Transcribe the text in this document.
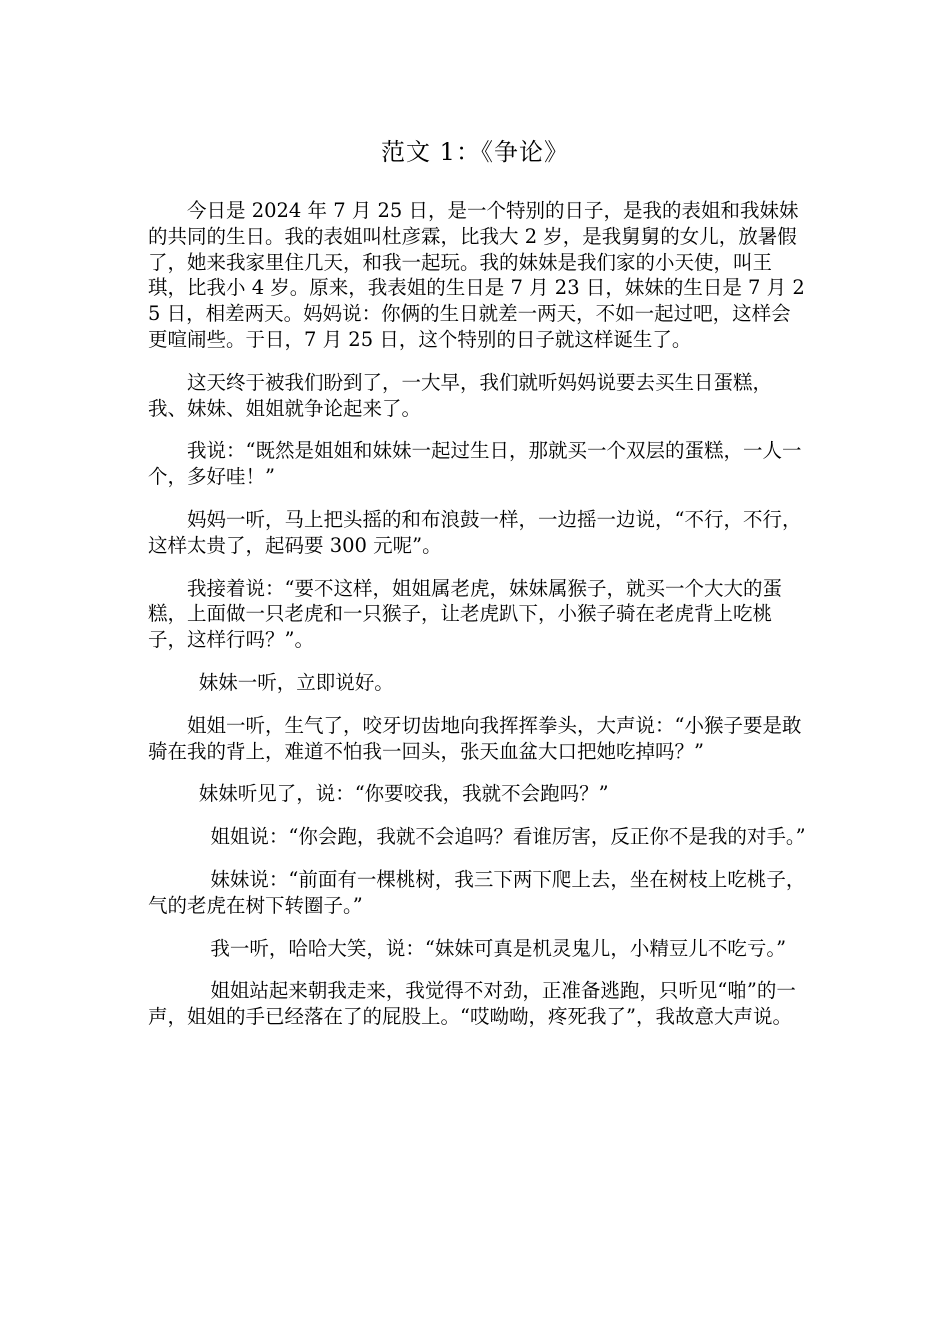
范文 1：《争论》

今日是 2024 年 7 月 25 日，是一个特别的日子，是我的表姐和我妹妹的共同的生日。我的表姐叫杜彦霖，比我大 2 岁，是我舅舅的女儿，放暑假了，她来我家里住几天，和我一起玩。我的妹妹是我们家的小天使，叫王琪，比我小 4 岁。原来，我表姐的生日是 7 月 23 日，妹妹的生日是 7 月 25 日，相差两天。妈妈说：你俩的生日就差一两天，不如一起过吧，这样会更喧闹些。于日，7 月 25 日，这个特别的日子就这样诞生了。

这天终于被我们盼到了，一大早，我们就听妈妈说要去买生日蛋糕，我、妹妹、姐姐就争论起来了。

我说：“既然是姐姐和妹妹一起过生日，那就买一个双层的蛋糕，一人一个，多好哇！”

妈妈一听，马上把头摇的和布浪鼓一样，一边摇一边说，“不行，不行，这样太贵了，起码要 300 元呢”。

我接着说：“要不这样，姐姐属老虎，妹妹属猴子，就买一个大大的蛋糕，上面做一只老虎和一只猴子，让老虎趴下，小猴子骑在老虎背上吃桃子，这样行吗？”。

妹妹一听，立即说好。

姐姐一听，生气了，咬牙切齿地向我挥挥拳头，大声说：“小猴子要是敢骑在我的背上，难道不怕我一回头，张天血盆大口把她吃掉吗？”

妹妹听见了，说：“你要咬我，我就不会跑吗？”

姐姐说：“你会跑，我就不会追吗？看谁厉害，反正你不是我的对手。”

妹妹说：“前面有一棵桃树，我三下两下爬上去，坐在树枝上吃桃子，气的老虎在树下转圈子。”

我一听，哈哈大笑，说：“妹妹可真是机灵鬼儿，小精豆儿不吃亏。”

姐姐站起来朝我走来，我觉得不对劲，正准备逃跑，只听见“啪”的一声，姐姐的手已经落在了的屁股上。“哎呦呦，疼死我了”，我故意大声说。
